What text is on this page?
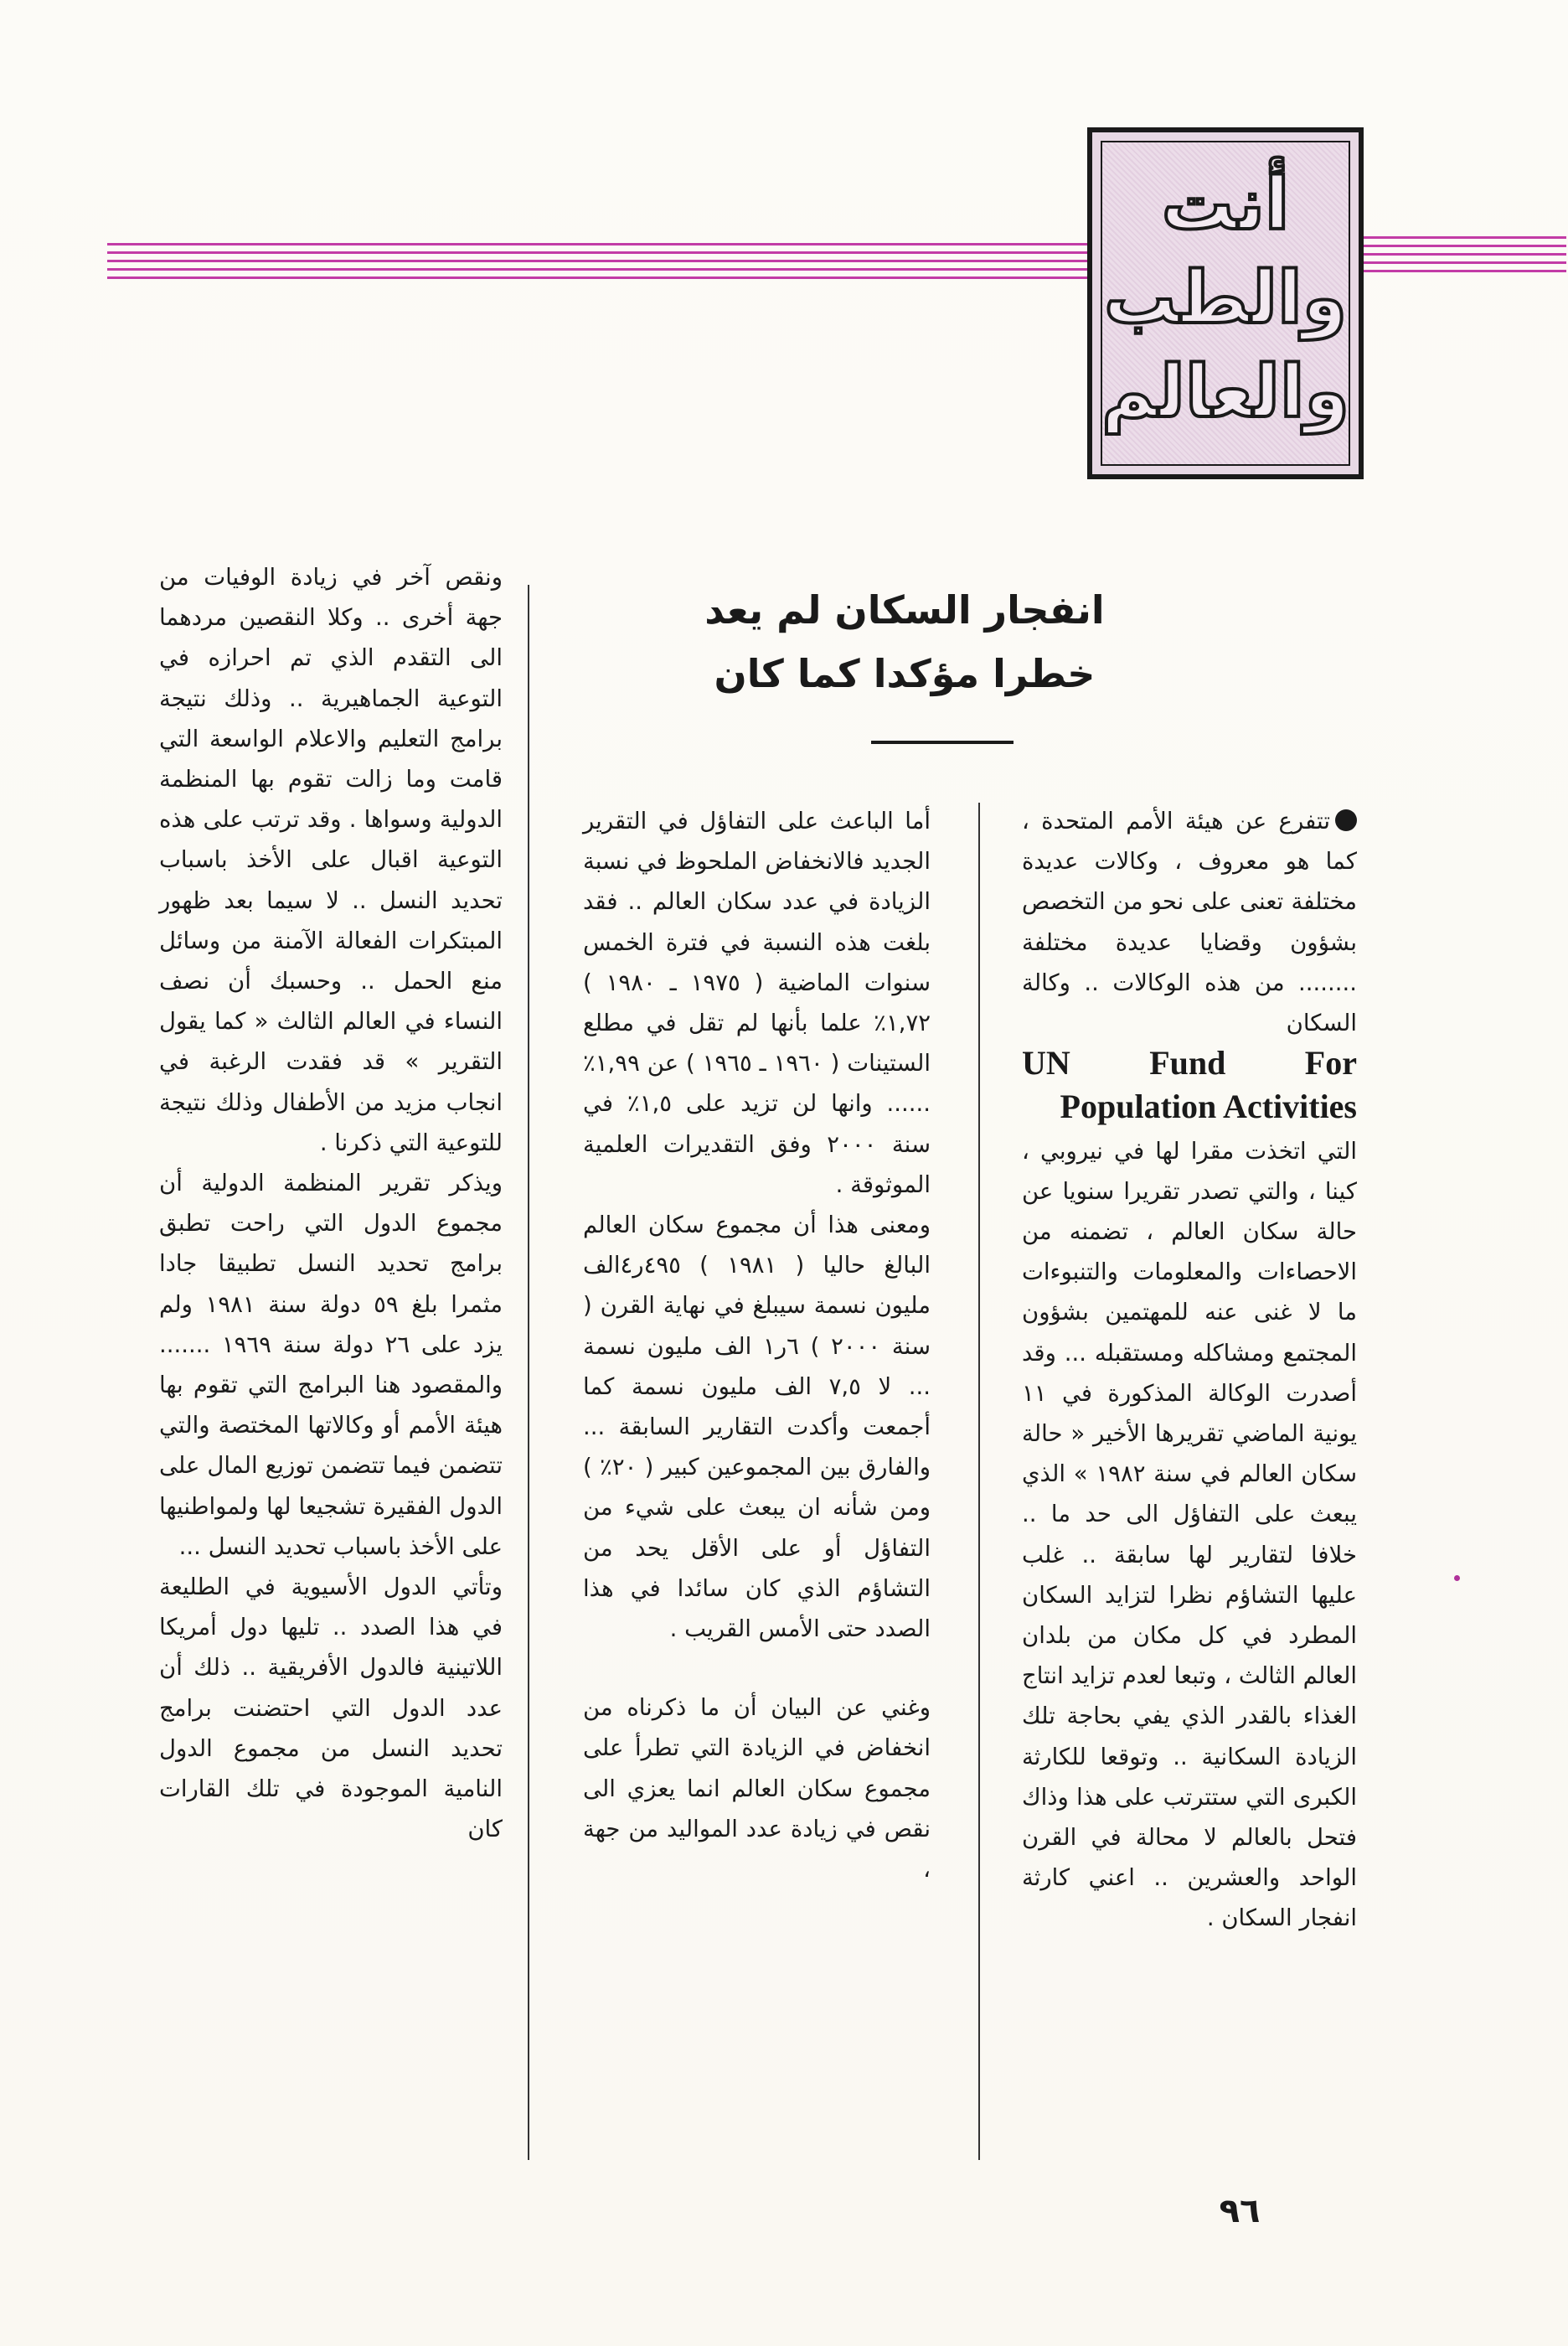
أنت
والطب
والعالم
انفجار السكان لم يعد
خطرا مؤكدا كما كان

تتفرع عن هيئة الأمم المتحدة ، كما هو معروف ، وكالات عديدة مختلفة تعنى على نحو من التخصص بشؤون وقضايا عديدة مختلفة ........ من هذه الوكالات .. وكالة السكان
UN Fund For Population Activities
التي اتخذت مقرا لها في نيروبي ، كينا ، والتي تصدر تقريرا سنويا عن حالة سكان العالم ، تضمنه من الاحصاءات والمعلومات والتنبوءات ما لا غنى عنه للمهتمين بشؤون المجتمع ومشاكله ومستقبله ... وقد أصدرت الوكالة المذكورة في ١١ يونية الماضي تقريرها الأخير « حالة سكان العالم في سنة ١٩٨٢ » الذي يبعث على التفاؤل الى حد ما .. خلافا لتقارير لها سابقة .. غلب عليها التشاؤم نظرا لتزايد السكان المطرد في كل مكان من بلدان العالم الثالث ، وتبعا لعدم تزايد انتاج الغذاء بالقدر الذي يفي بحاجة تلك الزيادة السكانية .. وتوقعا للكارثة الكبرى التي ستترتب على هذا وذاك فتحل بالعالم لا محالة في القرن الواحد والعشرين .. اعني كارثة انفجار السكان .

أما الباعث على التفاؤل في التقرير الجديد فالانخفاض الملحوظ في نسبة الزيادة في عدد سكان العالم .. فقد بلغت هذه النسبة في فترة الخمس سنوات الماضية ( ١٩٧٥ ـ ١٩٨٠ ) ١,٧٢٪ علما بأنها لم تقل في مطلع الستينات ( ١٩٦٠ ـ ١٩٦٥ ) عن ١,٩٩٪ ...... وانها لن تزيد على ١,٥٪ في سنة ٢٠٠٠ وفق التقديرات العلمية الموثوقة .

ومعنى هذا أن مجموع سكان العالم البالغ حاليا ( ١٩٨١ ) ٤٩٥ر٤الف مليون نسمة سيبلغ في نهاية القرن ( سنة ٢٠٠٠ ) ٦ر١ الف مليون نسمة ... لا ٧,٥ الف مليون نسمة كما أجمعت وأكدت التقارير السابقة ... والفارق بين المجموعين كبير ( ٢٠٪ ) ومن شأنه ان يبعث على شيء من التفاؤل أو على الأقل يحد من التشاؤم الذي كان سائدا في هذا الصدد حتى الأمس القريب .

وغني عن البيان أن ما ذكرناه من انخفاض في الزيادة التي تطرأ على مجموع سكان العالم انما يعزي الى نقص في زيادة عدد المواليد من جهة ،

ونقص آخر في زيادة الوفيات من جهة أخرى .. وكلا النقصين مردهما الى التقدم الذي تم احرازه في التوعية الجماهيرية .. وذلك نتيجة برامج التعليم والاعلام الواسعة التي قامت وما زالت تقوم بها المنظمة الدولية وسواها . وقد ترتب على هذه التوعية اقبال على الأخذ باسباب تحديد النسل .. لا سيما بعد ظهور المبتكرات الفعالة الآمنة من وسائل منع الحمل .. وحسبك أن نصف النساء في العالم الثالث « كما يقول التقرير » قد فقدت الرغبة في انجاب مزيد من الأطفال وذلك نتيجة للتوعية التي ذكرنا .

ويذكر تقرير المنظمة الدولية أن مجموع الدول التي راحت تطبق برامج تحديد النسل تطبيقا جادا مثمرا بلغ ٥٩ دولة سنة ١٩٨١ ولم يزد على ٢٦ دولة سنة ١٩٦٩ ....... والمقصود هنا البرامج التي تقوم بها هيئة الأمم أو وكالاتها المختصة والتي تتضمن فيما تتضمن توزيع المال على الدول الفقيرة تشجيعا لها ولمواطنيها على الأخذ باسباب تحديد النسل ...

وتأتي الدول الأسيوية في الطليعة في هذا الصدد .. تليها دول أمريكا اللاتينية فالدول الأفريقية .. ذلك أن عدد الدول التي احتضنت برامج تحديد النسل من مجموع الدول النامية الموجودة في تلك القارات كان

٩٦
